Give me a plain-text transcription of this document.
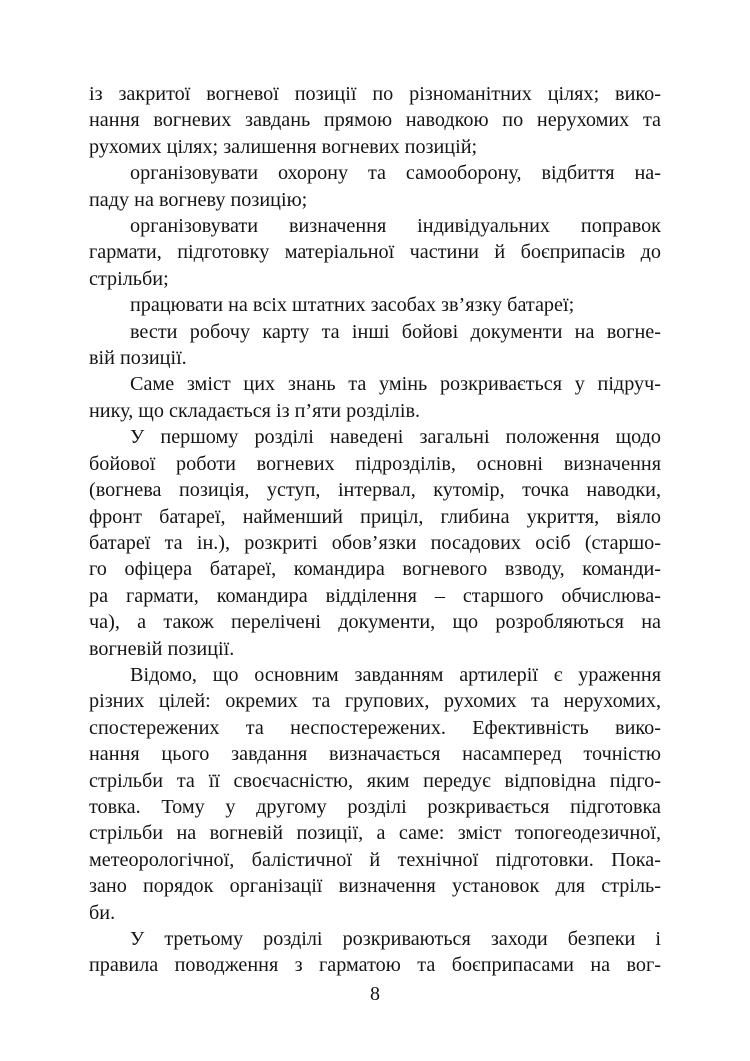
із закритої вогневої позиції по різноманітних цілях; вико-
нання вогневих завдань прямою наводкою по нерухомих та
рухомих цілях; залишення вогневих позицій;
організовувати охорону та самооборону, відбиття на-
паду на вогневу позицію;
організовувати визначення індивідуальних поправок
гармати, підготовку матеріальної частини й боєприпасів до
стрільби;
працювати на всіх штатних засобах зв’язку батареї;
вести робочу карту та інші бойові документи на вогне-
вій позиції.
Саме зміст цих знань та умінь розкривається у підруч-
нику, що складається із п’яти розділів.
У першому розділі наведені загальні положення щодо
бойової роботи вогневих підрозділів, основні визначення
(вогнева позиція, уступ, інтервал, кутомір, точка наводки,
фронт батареї, найменший приціл, глибина укриття, віяло
батареї та ін.), розкриті обов’язки посадових осіб (старшо-
го офіцера батареї, командира вогневого взводу, команди-
ра гармати, командира відділення – старшого обчислюва-
ча), а також перелічені документи, що розробляються на
вогневій позиції.
Відомо, що основним завданням артилерії є ураження
різних цілей: окремих та групових, рухомих та нерухомих,
спостережених та неспостережених. Ефективність вико-
нання цього завдання визначається насамперед точністю
стрільби та її своєчасністю, яким передує відповідна підго-
товка. Тому у другому розділі розкривається підготовка
стрільби на вогневій позиції, а саме: зміст топогеодезичної,
метеорологічної, балістичної й технічної підготовки. Пока-
зано порядок організації визначення установок для стріль-
би.
У третьому розділі розкриваються заходи безпеки і
правила поводження з гарматою та боєприпасами на вог-
8
